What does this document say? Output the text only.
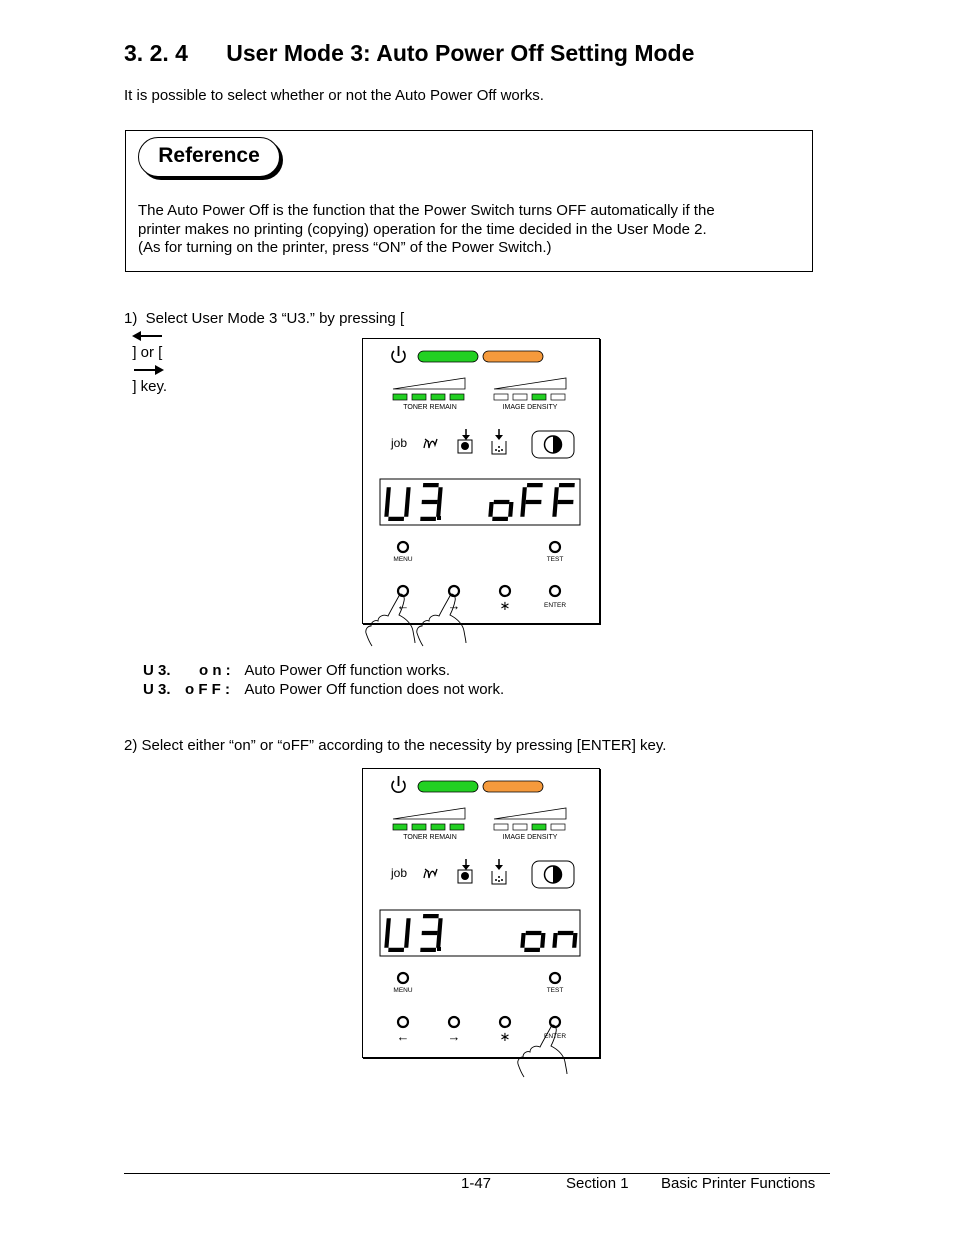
3. 2. 4 User Mode 3: Auto Power Off Setting Mode
It is possible to select whether or not the Auto Power Off works.
Reference
The Auto Power Off is the function that the Power Switch turns OFF automatically if the
printer makes no printing (copying) operation for the time decided in the User Mode 2.
(As for turning on the printer, press “ON” of the Power Switch.)
1)  Select User Mode 3 “U3.” by pressing [

] or [

] key.
TONER REMAIN	IMAGE DENSITY
job
MENU	TEST
←	→	∗	ENTER
U 3. o n : Auto Power Off function works.
U 3. o F F : Auto Power Off function does not work.
2) Select either “on” or “oFF” according to the necessity by pressing [ENTER] key.
TONER REMAIN	IMAGE DENSITY
job
MENU	TEST
←	→	∗	ENTER
1-47	Section 1 Basic Printer Functions
